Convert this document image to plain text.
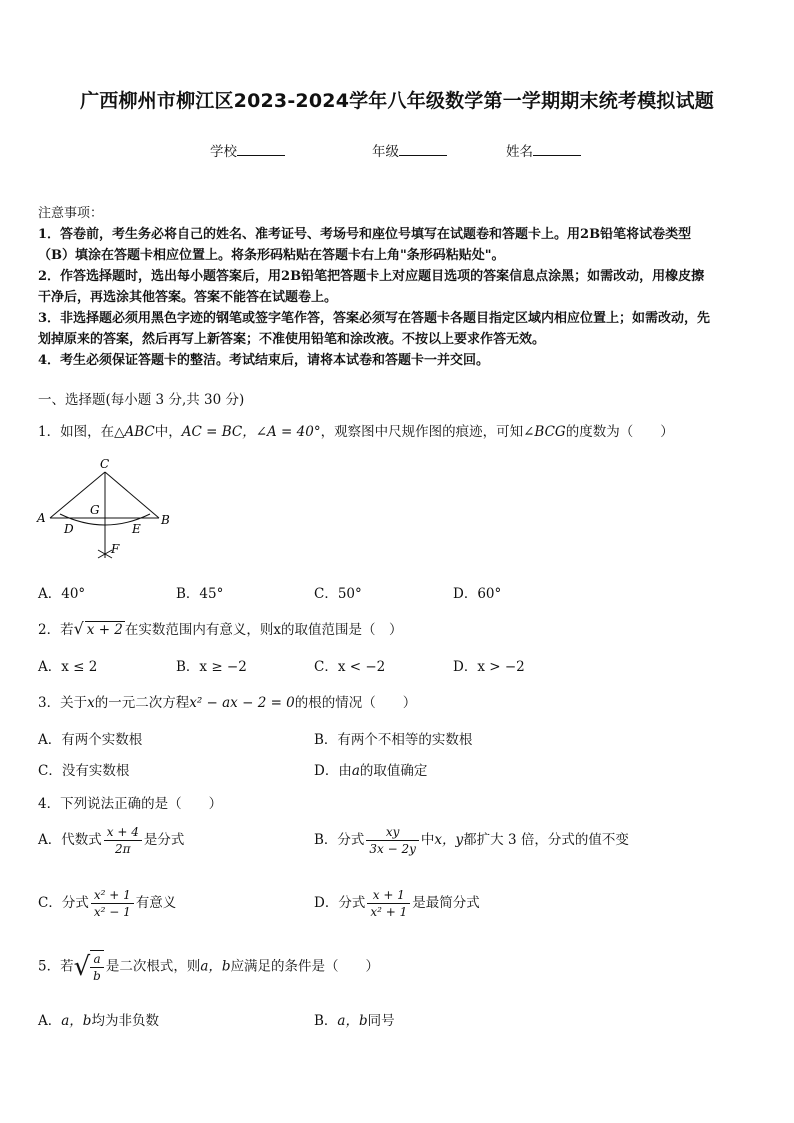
广西柳州市柳江区2023-2024学年八年级数学第一学期期末统考模拟试题
学校	年级	姓名

注意事项：

1．答卷前，考生务必将自己的姓名、准考证号、考场号和座位号填写在试题卷和答题卡上。用2B铅笔将试卷类型

（B）填涂在答题卡相应位置上。将条形码粘贴在答题卡右上角"条形码粘贴处"。

2．作答选择题时，选出每小题答案后，用2B铅笔把答题卡上对应题目选项的答案信息点涂黑；如需改动，用橡皮擦

干净后，再选涂其他答案。答案不能答在试题卷上。

3．非选择题必须用黑色字迹的钢笔或签字笔作答，答案必须写在答题卡各题目指定区域内相应位置上；如需改动，先

划掉原来的答案，然后再写上新答案；不准使用铅笔和涂改液。不按以上要求作答无效。

4．考生必须保证答题卡的整洁。考试结束后，请将本试卷和答题卡一并交回。

一、选择题(每小题 3 分,共 30 分)
1．如图，在△ABC中，AC = BC，∠A = 40°，观察图中尺规作图的痕迹，可知∠BCG的度数为（　　）
C
G
A	B
D	E
F
A．40°	B．45°	C．50°	D．60°
2．若√ x + 2 在实数范围内有意义，则x的取值范围是（　）
A．x ≤ 2	B．x ≥ −2	C．x < −2	D．x > −2
3．关于x的一元二次方程x² − ax − 2 = 0的根的情况（　　）
A．有两个实数根	B．有两个不相等的实数根
C．没有实数根	D．由a的取值确定
4．下列说法正确的是（　　）
A．代数式 $\frac{x + 4}{2\pi}$ 是分式	B．分式 $\frac{xy}{3x - 2y}$ 中x，y都扩大 3 倍，分式的值不变
C．分式 $\frac{\text{x² + 1}}{\text{x² − 1}}$ 有意义	D．分式 $\frac{x + 1}{\text{x² + 1}}$ 是最简分式
5．若√ $\frac{a}{b}$ 是二次根式，则a，b应满足的条件是（　　）
A．a，b均为非负数	B．a，b同号
